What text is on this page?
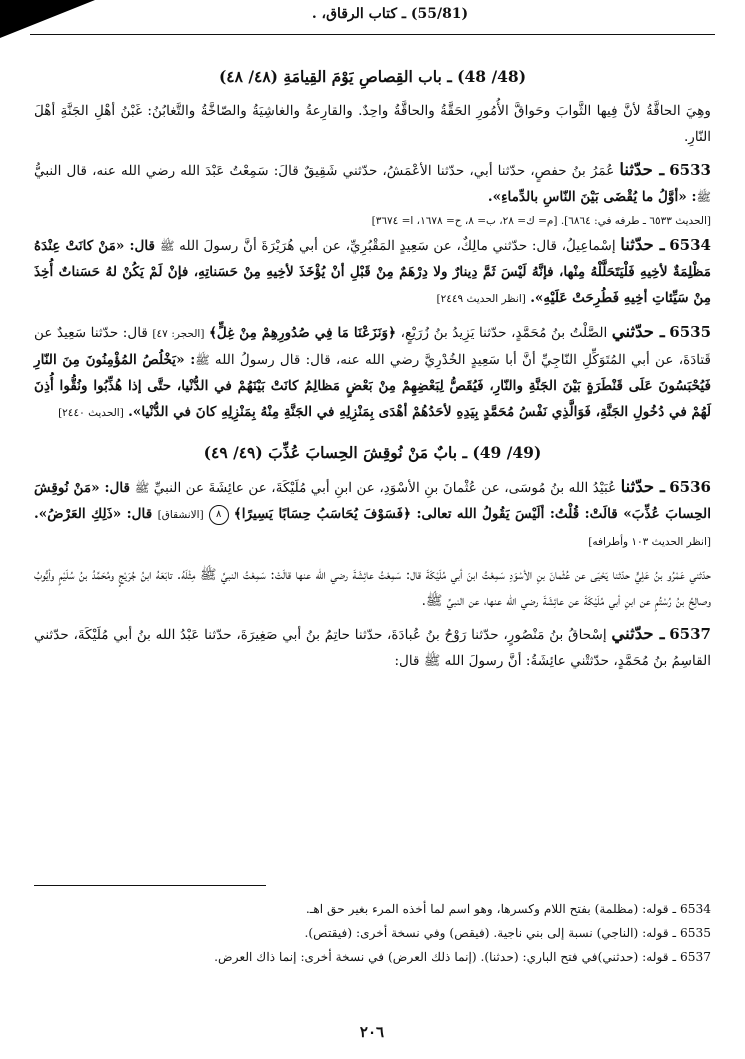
(55/81) ـ كتاب الرقاق، .
(48/ 48) ـ باب القِصاصِ يَوْمَ القِيامَةِ (٤٨/ ٤٨)

وهِيَ الحاقَّةُ لأنَّ فِيها الثَّوابَ وحَواقَّ الأُمُورِ الحَقَّةُ والحاقَّةُ واحِدٌ. والقارِعةُ والغاشِيَةُ والصّاخَّةُ والتَّغابُنُ: غَبْنُ أهْلِ الجَنَّةِ أهْلَ النّارِ.

6533 ـ حدّثنا عُمَرُ بنُ حفصٍ، حدّثنا أبي، حدّثنا الأعْمَشُ، حدّثني شَقِيقٌ قالَ: سَمِعْتُ عَبْدَ الله رضي الله عنه، قال النبيُّ ﷺ: «أوَّلُ ما يُقْضَى بَيْنَ النّاسِ بالدِّماءِ».

[الحديث ٦٥٣٣ ـ طرفه في: ٦٨٦٤]. [م= ك= ٢٨، ب= ٨، ح= ١٦٧٨، ا= ٣٦٧٤]

6534 ـ حدّثنا إسْماعِيلُ، قال: حدّثني مالِكٌ، عن سَعِيدٍ المَقْبُرِيِّ، عن أبي هُرَيْرَةَ أنَّ رسولَ الله ﷺ قال: «مَنْ كانَتْ عِنْدَهُ مَظْلِمَةٌ لأخِيهِ فَلْيَتَحَلَّلْهُ مِنْها، فإنَّهُ لَيْسَ ثَمَّ دِينارٌ ولا دِرْهَمٌ مِنْ قَبْلِ أنْ يُؤْخَذَ لأخِيهِ مِنْ حَسَناتِهِ، فإنْ لَمْ يَكُنْ لهُ حَسَناتٌ أُخِذَ مِنْ سَيِّئاتِ أخِيهِ فَطُرِحَتْ عَلَيْهِ». [انظر الحديث ٢٤٤٩]

6535 ـ حدّثني الصَّلْتُ بنُ مُحَمَّدٍ، حدّثنا يَزِيدُ بنُ زُرَيْعٍ، ﴿وَنَزَعْنَا مَا فِي صُدُورِهِمْ مِنْ غِلٍّ﴾ [الحجر: ٤٧] قال: حدّثنا سَعِيدٌ عن قَتادَةَ، عن أبي المُتَوَكِّلِ النّاجِيِّ أنَّ أبا سَعِيدٍ الخُدْرِيَّ رضي الله عنه، قال: قال رسولُ الله ﷺ: «يَخْلُصُ المُؤْمِنُونَ مِنَ النّارِ فَيُحْبَسُونَ عَلَى قَنْطَرَةٍ بَيْنَ الجَنَّةِ والنّارِ، فَيُقَصُّ لِبَعْضِهِمْ مِنْ بَعْضٍ مَظالِمُ كانَتْ بَيْنَهُمْ في الدُّنْيا، حتَّى إذا هُذِّبُوا ونُقُّوا أُذِنَ لَهُمْ في دُخُولِ الجَنَّةِ، فَوَالَّذِي نَفْسُ مُحَمَّدٍ بِيَدِهِ لأحَدُهُمْ أهْدَى بِمَنْزِلِهِ في الجَنَّةِ مِنْهُ بِمَنْزِلِهِ كانَ في الدُّنْيا». [الحديث ٢٤٤٠]

(49/ 49) ـ بابٌ مَنْ نُوقِشَ الحِسابَ عُذِّبَ (٤٩/ ٤٩)

6536 ـ حدّثنا عُبَيْدُ الله بنُ مُوسَى، عن عُثْمانَ بنِ الأسْوَدِ، عن ابنِ أبي مُلَيْكَةَ، عن عائِشَةَ عن النبيِّ ﷺ قال: «مَنْ نُوقِشَ الحِسابَ عُذِّبَ» قالَتْ: قُلْتُ: ألَيْسَ يَقُولُ الله تعالى: ﴿فَسَوْفَ يُحَاسَبُ حِسَابًا يَسِيرًا﴾ ٨ [الانشقاق] قال: «ذَلِكِ العَرْضُ». [انظر الحديث ١٠٣ وأطرافه]

حدّثني عَمْرُو بنُ عَلِيٍّ حدّثنا يَحْيَى عن عُثْمانَ بنِ الأسْوَدِ سَمِعْتُ ابنَ أبي مُلَيْكَةَ قال: سَمِعْتُ عائِشَةَ رضي الله عنها قالَتْ: سَمِعْتُ النبيَّ ﷺ مِثْلَهُ. تابَعَهُ ابنُ جُرَيْجٍ ومُحَمَّدُ بنُ سُلَيْمٍ وأيُّوبُ وصالِحُ بنُ رُسْتُمٍ عن ابنِ أبي مُلَيْكَةَ عن عائِشَةَ رضي الله عنها، عن النبيِّ ﷺ.

6537 ـ حدّثني إسْحاقُ بنُ مَنْصُورٍ، حدّثنا رَوْحُ بنُ عُبادَةَ، حدّثنا حاتِمُ بنُ أبي صَغِيرَةَ، حدّثنا عَبْدُ الله بنُ أبي مُلَيْكَةَ، حدّثني القاسِمُ بنُ مُحَمَّدٍ، حدّثتْني عائِشَةُ: أنَّ رسولَ الله ﷺ قال:

6534 ـ قوله: (مظلمة) بفتح اللام وكسرها، وهو اسم لما أخذه المرء بغير حق اهـ.

6535 ـ قوله: (الناجي) نسبة إلى بني ناجية. (فيقص) وفي نسخة أخرى: (فيقتص).

6537 ـ قوله: (حدثني)في فتح الباري: (حدثنا). (إنما ذلك العرض) في نسخة أخرى: إنما ذاك العرض.

٢٠٦
